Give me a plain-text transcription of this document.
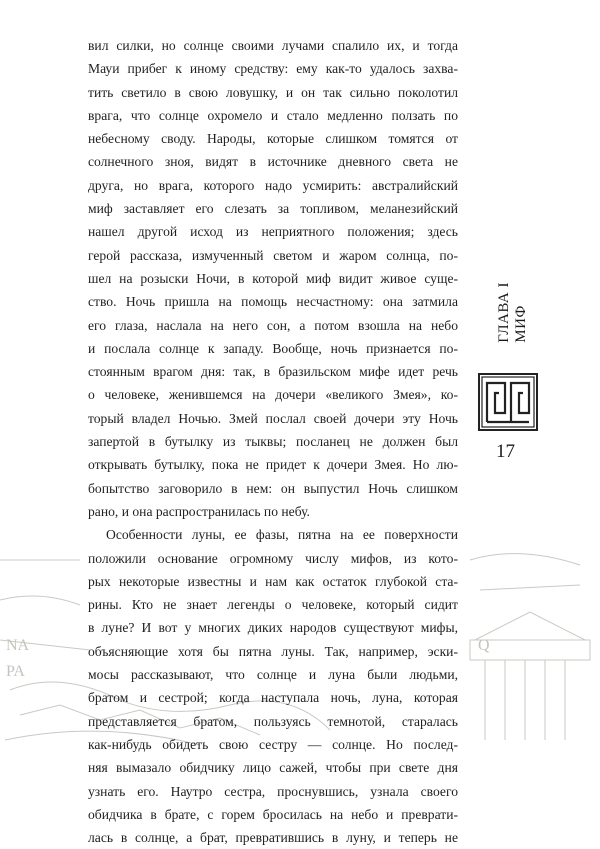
NA
PA
Q
вил силки, но солнце своими лучами спалило их, и тогда
Мауи прибег к иному средству: ему как-то удалось захва-
тить светило в свою ловушку, и он так сильно поколотил
врага, что солнце охромело и стало медленно ползать по
небесному своду. Народы, которые слишком томятся от
солнечного зноя, видят в источнике дневного света не
друга, но врага, которого надо усмирить: австралийский
миф заставляет его слезать за топливом, меланезийский
нашел другой исход из неприятного положения; здесь
герой рассказа, измученный светом и жаром солнца, по-
шел на розыски Ночи, в которой миф видит живое суще-
ство. Ночь пришла на помощь несчастному: она затмила
его глаза, наслала на него сон, а потом взошла на небо
и послала солнце к западу. Вообще, ночь признается по-
стоянным врагом дня: так, в бразильском мифе идет речь
о человеке, женившемся на дочери «великого Змея», ко-
торый владел Ночью. Змей послал своей дочери эту Ночь
запертой в бутылку из тыквы; посланец не должен был
открывать бутылку, пока не придет к дочери Змея. Но лю-
бопытство заговорило в нем: он выпустил Ночь слишком
рано, и она распространилась по небу.
Особенности луны, ее фазы, пятна на ее поверхности
положили основание огромному числу мифов, из кото-
рых некоторые известны и нам как остаток глубокой ста-
рины. Кто не знает легенды о человеке, который сидит
в луне? И вот у многих диких народов существуют мифы,
объясняющие хотя бы пятна луны. Так, например, эски-
мосы рассказывают, что солнце и луна были людьми,
братом и сестрой; когда наступала ночь, луна, которая
представляется братом, пользуясь темнотой, старалась
как-нибудь обидеть свою сестру — солнце. Но послед-
няя вымазало обидчику лицо сажей, чтобы при свете дня
узнать его. Наутро сестра, проснувшись, узнала своего
обидчика в брате, с горем бросилась на небо и преврати-
лась в солнце, а брат, превратившись в луну, и теперь не
ГЛАВА I МИФ
17
